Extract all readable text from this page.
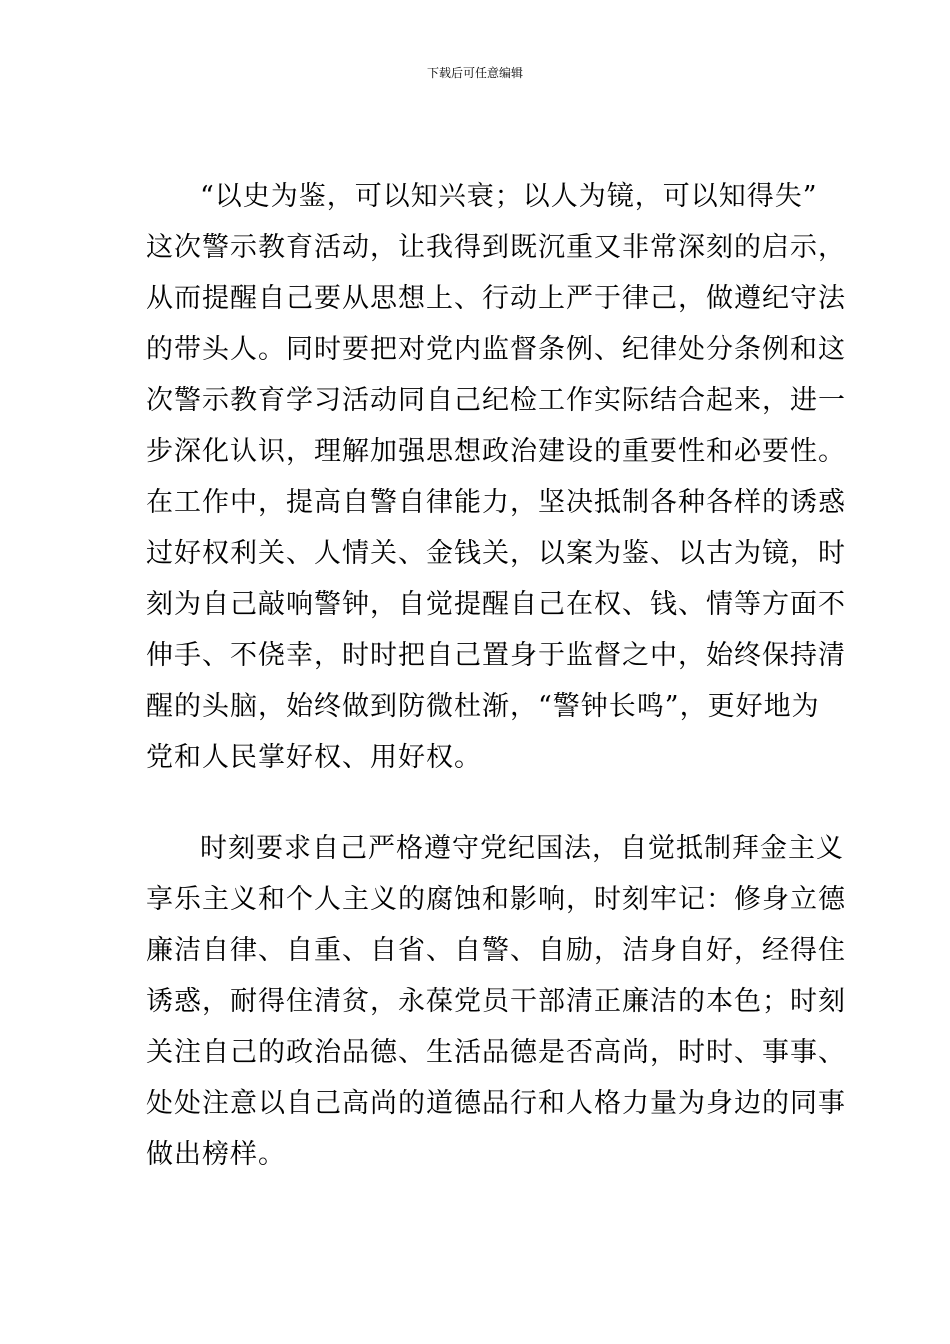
下载后可任意编辑
“以史为鉴，可以知兴衰；以人为镜，可以知得失”
这次警示教育活动，让我得到既沉重又非常深刻的启示，
从而提醒自己要从思想上、行动上严于律己，做遵纪守法
的带头人。同时要把对党内监督条例、纪律处分条例和这
次警示教育学习活动同自己纪检工作实际结合起来，进一
步深化认识，理解加强思想政治建设的重要性和必要性。
在工作中，提高自警自律能力，坚决抵制各种各样的诱惑
过好权利关、人情关、金钱关，以案为鉴、以古为镜，时
刻为自己敲响警钟，自觉提醒自己在权、钱、情等方面不
伸手、不侥幸，时时把自己置身于监督之中，始终保持清
醒的头脑，始终做到防微杜渐，“警钟长鸣”，更好地为
党和人民掌好权、用好权。
时刻要求自己严格遵守党纪国法，自觉抵制拜金主义
享乐主义和个人主义的腐蚀和影响，时刻牢记：修身立德
廉洁自律、自重、自省、自警、自励，洁身自好，经得住
诱惑，耐得住清贫，永葆党员干部清正廉洁的本色；时刻
关注自己的政治品德、生活品德是否高尚，时时、事事、
处处注意以自己高尚的道德品行和人格力量为身边的同事
做出榜样。
